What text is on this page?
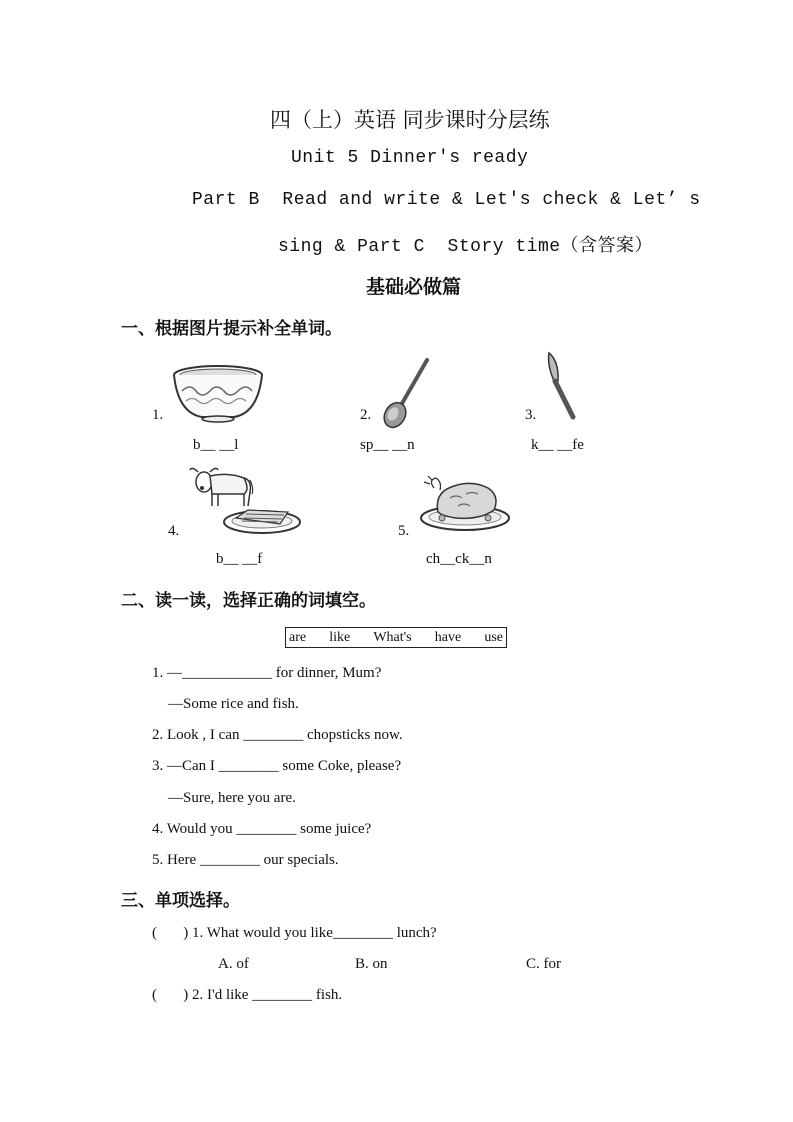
四（上）英语 同步课时分层练
Unit 5 Dinner's ready
Part B  Read and write & Let's check & Let’ s
sing & Part C  Story time（含答案）
基础必做篇
一、根据图片提示补全单词。
1.
b__ __l
2.
sp__ __n
3.
k__ __fe
4.
b__ __f
5.
ch__ck__n
二、读一读，选择正确的词填空。
are like What's have use
1. —____________ for dinner, Mum?
—Some rice and fish.
2. Look , I can ________ chopsticks now.
3. —Can I ________ some Coke, please?
—Sure, here you are.
4. Would you ________ some juice?
5. Here ________ our specials.
三、单项选择。
(       ) 1. What would you like________ lunch?
A. of	B. on	C. for
(       ) 2. I'd like ________ fish.
